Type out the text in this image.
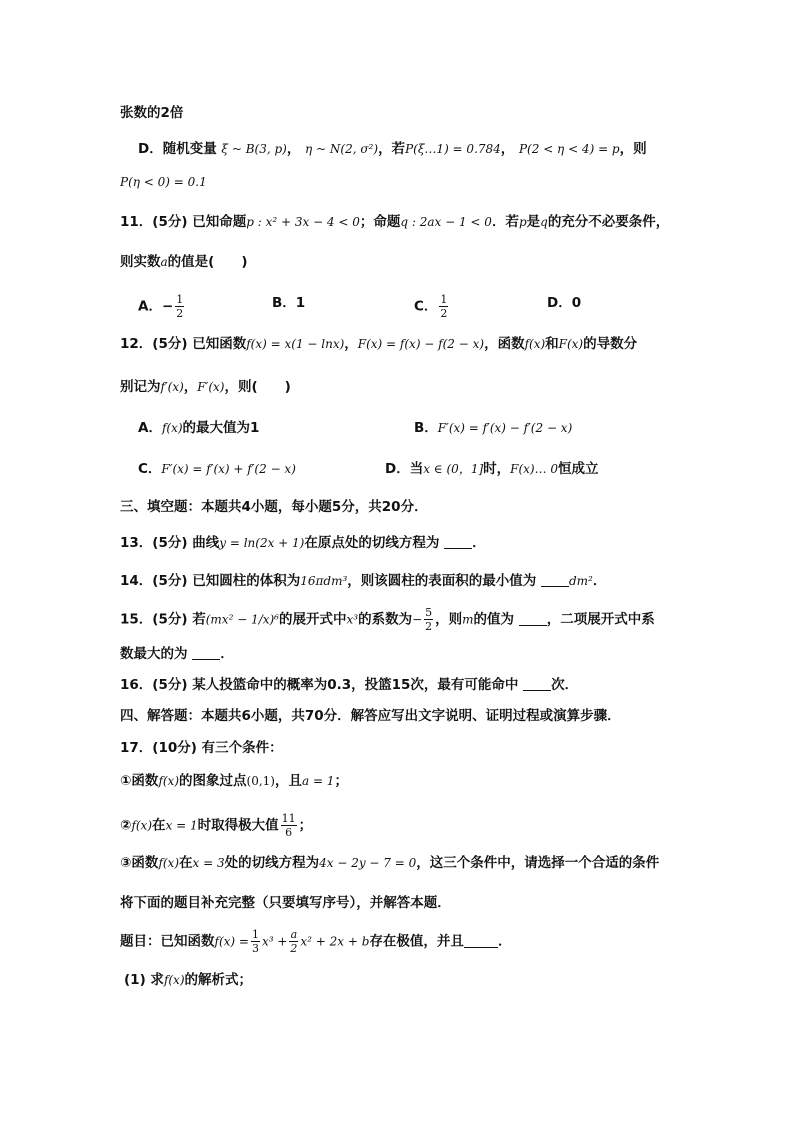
张数的2倍
D．随机变量 ξ ~ B(3, p)， η ~ N(2, σ²)，若P(ξ…1) = 0.784， P(2 < η < 4) = p，则
P(η < 0) = 0.1
11．(5分) 已知命题p : x² + 3x − 4 < 0；命题q : 2ax − 1 < 0．若p是q的充分不必要条件，
则实数a的值是(　　)
A．− $\frac{1}{2}$	B．1	C． $\frac{1}{2}$	D．0
12．(5分) 已知函数f(x) = x(1 − lnx)，F(x) = f(x) − f(2 − x)，函数f(x)和F(x)的导数分
别记为f′(x)，F′(x)，则(　　)
A．f(x)的最大值为1	B．F′(x) = f′(x) − f′(2 − x)
C．F′(x) = f′(x) + f′(2 − x)	D．当x ∈ (0，1]时，F(x)… 0恒成立
三、填空题：本题共4小题，每小题5分，共20分．
13．(5分) 曲线y = ln(2x + 1)在原点处的切线方程为 ．
14．(5分) 已知圆柱的体积为16πdm³，则该圆柱的表面积的最小值为	dm²．
15．(5分) 若(mx² − 1/x)⁶的展开式中x³的系数为− $\frac{5}{2}$ ，则m的值为 ，二项展开式中系
数最大的为 ．
16．(5分) 某人投篮命中的概率为0.3，投篮15次，最有可能命中 次．
四、解答题：本题共6小题，共70分．解答应写出文字说明、证明过程或演算步骤．
17．(10分) 有三个条件：
①函数f(x)的图象过点(0,1)，且a = 1；
②f(x)在x = 1时取得极大值 $\frac{11}{6}$ ；
③函数f(x)在x = 3处的切线方程为4x − 2y − 7 = 0，这三个条件中，请选择一个合适的条件
将下面的题目补充完整（只要填写序号），并解答本题．
题目：已知函数$f(x) = \frac{1}{3} x^3 + \frac{a}{2} x^2 + 2x + b$存在极值，并且	．
(1) 求f(x)的解析式；
